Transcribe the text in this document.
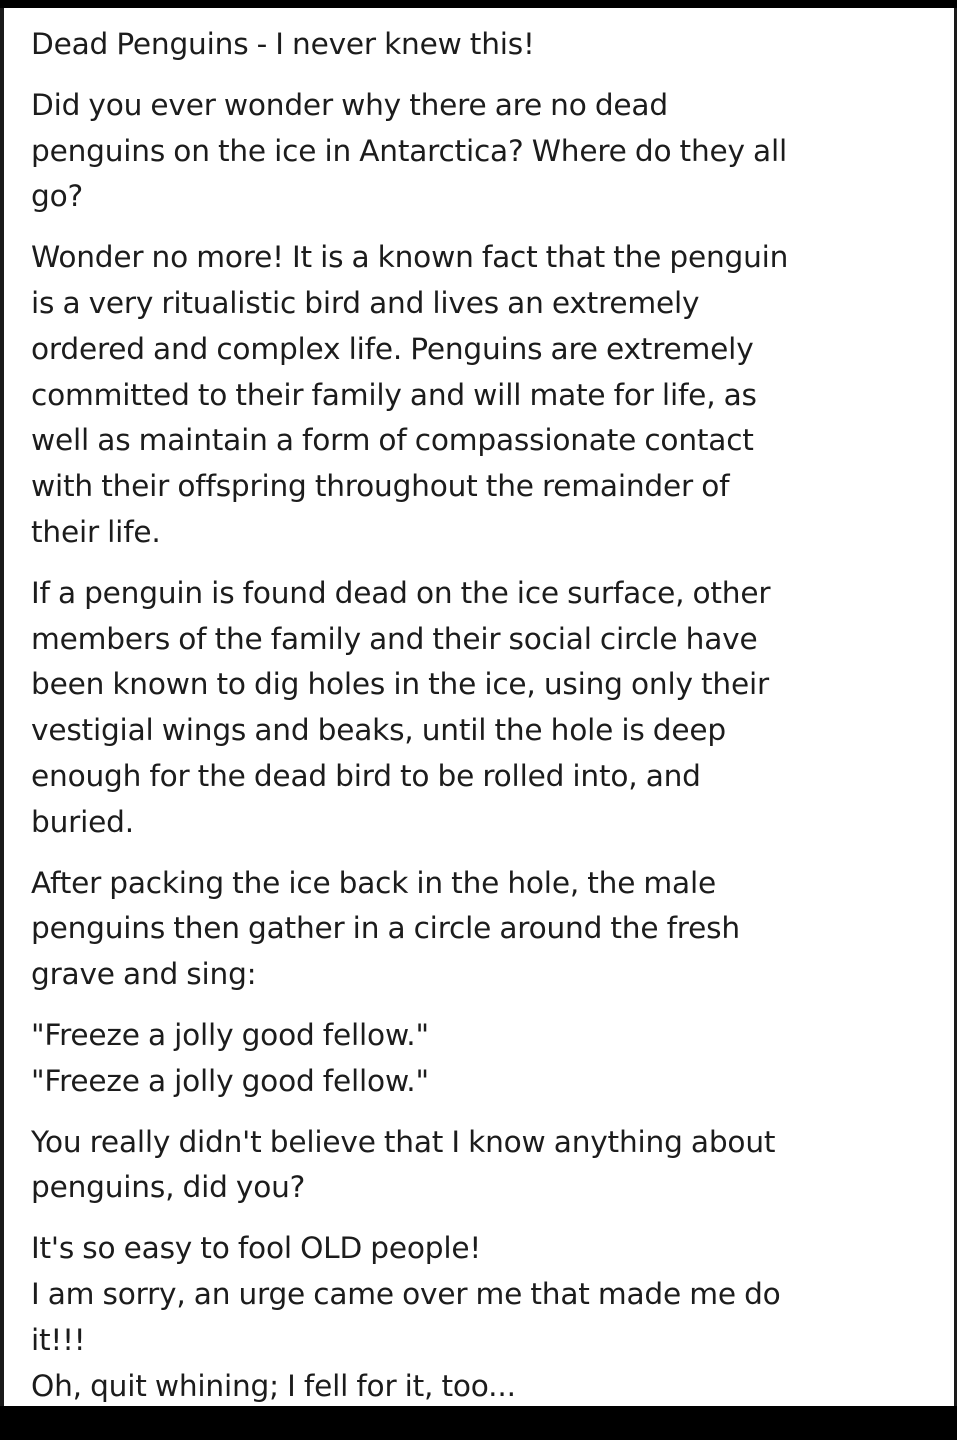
Dead Penguins - I never knew this!

Did you ever wonder why there are no dead
penguins on the ice in Antarctica? Where do they all
go?

Wonder no more! It is a known fact that the penguin
is a very ritualistic bird and lives an extremely
ordered and complex life. Penguins are extremely
committed to their family and will mate for life, as
well as maintain a form of compassionate contact
with their offspring throughout the remainder of
their life.

If a penguin is found dead on the ice surface, other
members of the family and their social circle have
been known to dig holes in the ice, using only their
vestigial wings and beaks, until the hole is deep
enough for the dead bird to be rolled into, and
buried.

After packing the ice back in the hole, the male
penguins then gather in a circle around the fresh
grave and sing:

"Freeze a jolly good fellow."
"Freeze a jolly good fellow."

You really didn't believe that I know anything about
penguins, did you?

It's so easy to fool OLD people!
I am sorry, an urge came over me that made me do
it!!!
Oh, quit whining; I fell for it, too...
